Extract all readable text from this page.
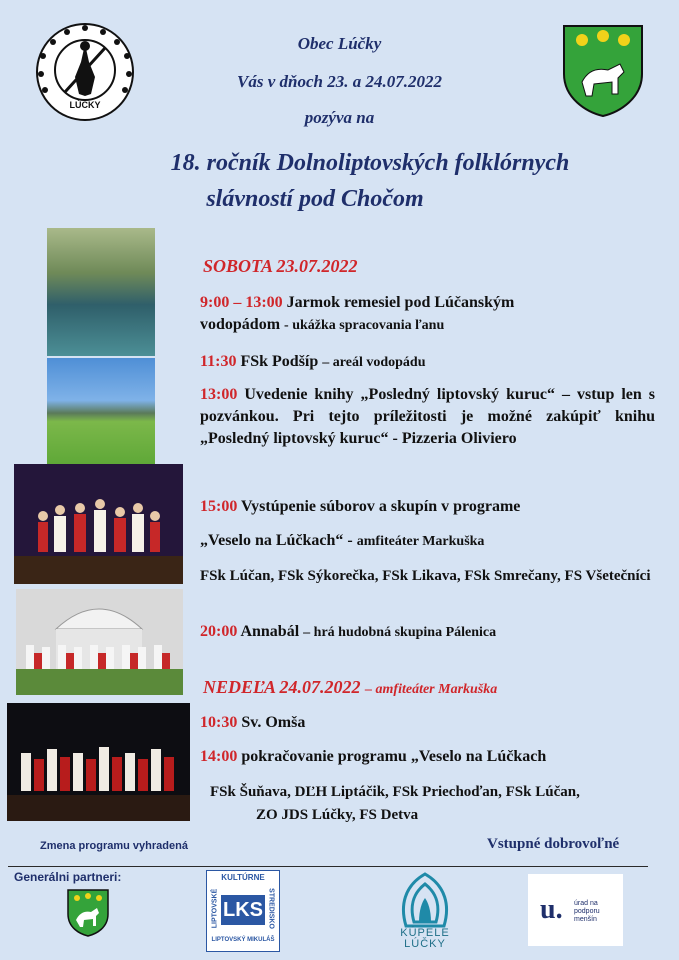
LÚČKY
Obec Lúčky
Vás v dňoch 23. a 24.07.2022
pozýva na
18. ročník Dolnoliptovských folklórnych
slávností pod Chočom
SOBOTA 23.07.2022
9:00 – 13:00 Jarmok remesiel pod Lúčanským
vodopádom - ukážka spracovania ľanu
11:30 FSk Podšíp – areál vodopádu
13:00 Uvedenie knihy „Posledný liptovský kuruc“ – vstup len s pozvánkou. Pri tejto príležitosti je možné zakúpiť knihu „Posledný liptovský kuruc“ - Pizzeria Oliviero
15:00 Vystúpenie súborov a skupín v programe
„Veselo na Lúčkach“ - amfiteáter Markuška
FSk Lúčan, FSk Sýkorečka, FSk Likava, FSk Smrečany, FS Všetečníci
20:00 Annabál – hrá hudobná skupina Pálenica
NEDEĽA 24.07.2022 – amfiteáter Markuška
10:30 Sv. Omša
14:00 pokračovanie programu „Veselo na Lúčkach
FSk Šuňava, DĽH Liptáčik, FSk Priechoďan, FSk Lúčan,
ZO JDS Lúčky, FS Detva
Zmena programu vyhradená	Vstupné dobrovoľné
Generálni partneri:	KULTÚRNE
LIPTOVSKÉ	STREDISKO
LKS
LIPTOVSKÝ MIKULÁŠ
KÚPELE LÚČKY
u. úrad na podporu
menšín
